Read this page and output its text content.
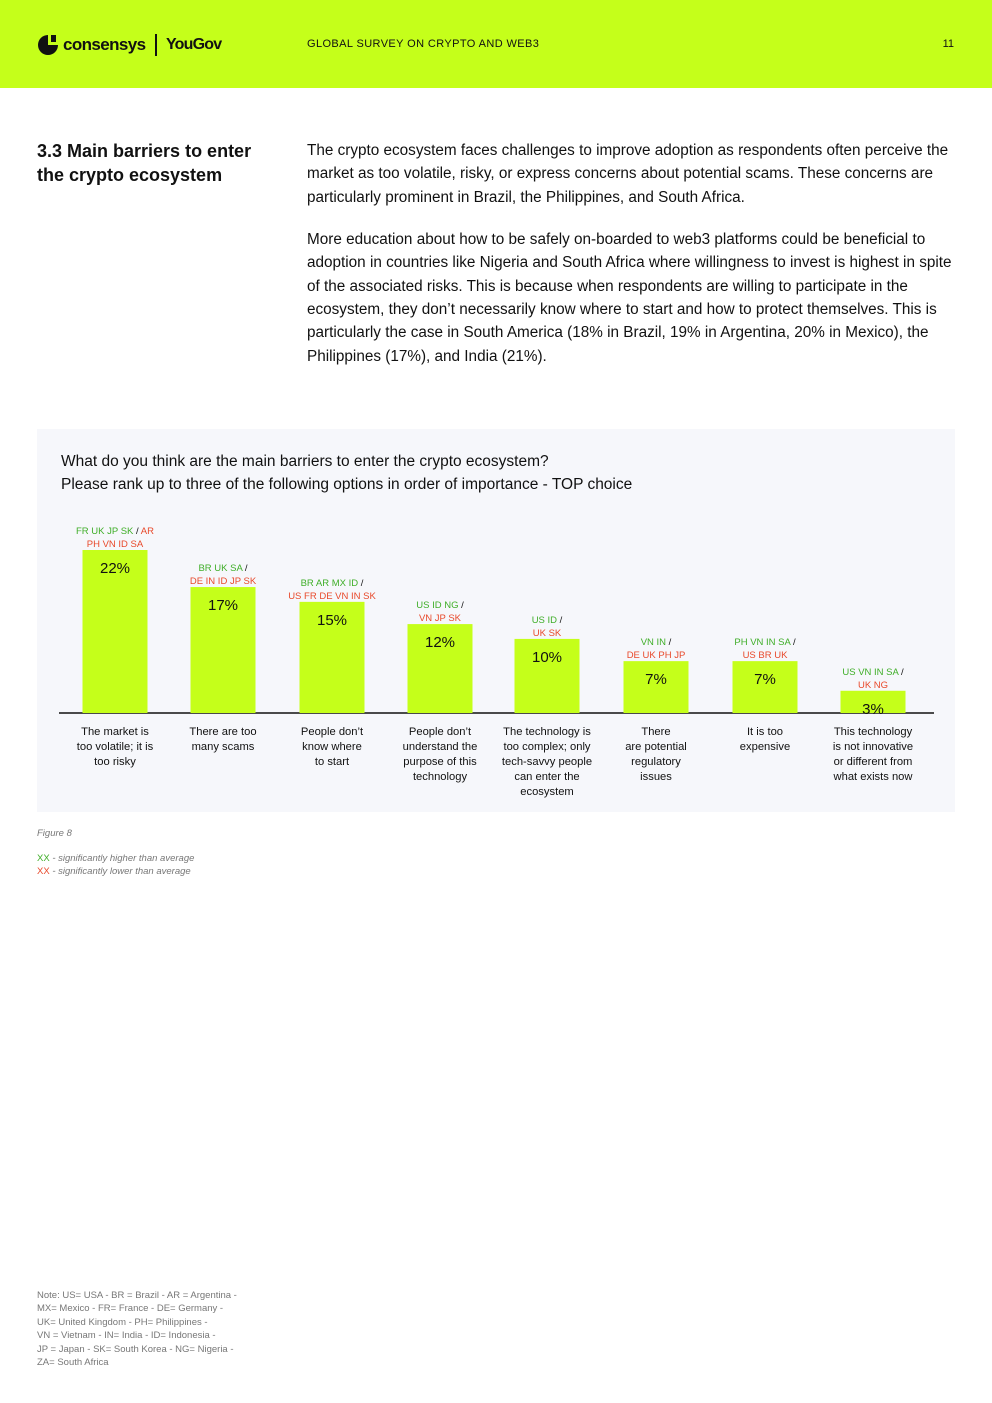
consensys YouGov	GLOBAL SURVEY ON CRYPTO AND WEB3	11
3.3 Main barriers to enter the crypto ecosystem

The crypto ecosystem faces challenges to improve adoption as respondents often perceive the market as too volatile, risky, or express concerns about potential scams. These concerns are particularly prominent in Brazil, the Philippines, and South Africa.

More education about how to be safely on-boarded to web3 platforms could be beneficial to adoption in countries like Nigeria and South Africa where willingness to invest is highest in spite of the associated risks. This is because when respondents are willing to participate in the ecosystem, they don’t necessarily know where to start and how to protect themselves. This is particularly the case in South America (18% in Brazil, 19% in Argentina, 20% in Mexico), the Philippines (17%), and India (21%).

What do you think are the main barriers to enter the crypto ecosystem?
Please rank up to three of the following options in order of importance - TOP choice
22%
FR UK JP SK / AR
PH VN ID SA
The market is
too volatile; it is
too risky
17%
BR UK SA /
DE IN ID JP SK
There are too
many scams
15%
BR AR MX ID /
US FR DE VN IN SK
People don’t
know where
to start
12%
US ID NG /
VN JP SK
People don’t
understand the
purpose of this
technology
10%
US ID /
UK SK
The technology is
too complex; only
tech-savvy people
can enter the
ecosystem
7%
VN IN /
DE UK PH JP
There
are potential
regulatory
issues
7%
PH VN IN SA /
US BR UK
It is too
expensive
3%
US VN IN SA /
UK NG
This technology
is not innovative
or different from
what exists now
Figure 8
XX - significantly higher than average
XX - significantly lower than average
Note: US= USA - BR = Brazil - AR = Argentina -
MX= Mexico - FR= France - DE= Germany -
UK= United Kingdom - PH= Philippines -
VN = Vietnam - IN= India - ID= Indonesia -
JP = Japan - SK= South Korea - NG= Nigeria -
ZA= South Africa
